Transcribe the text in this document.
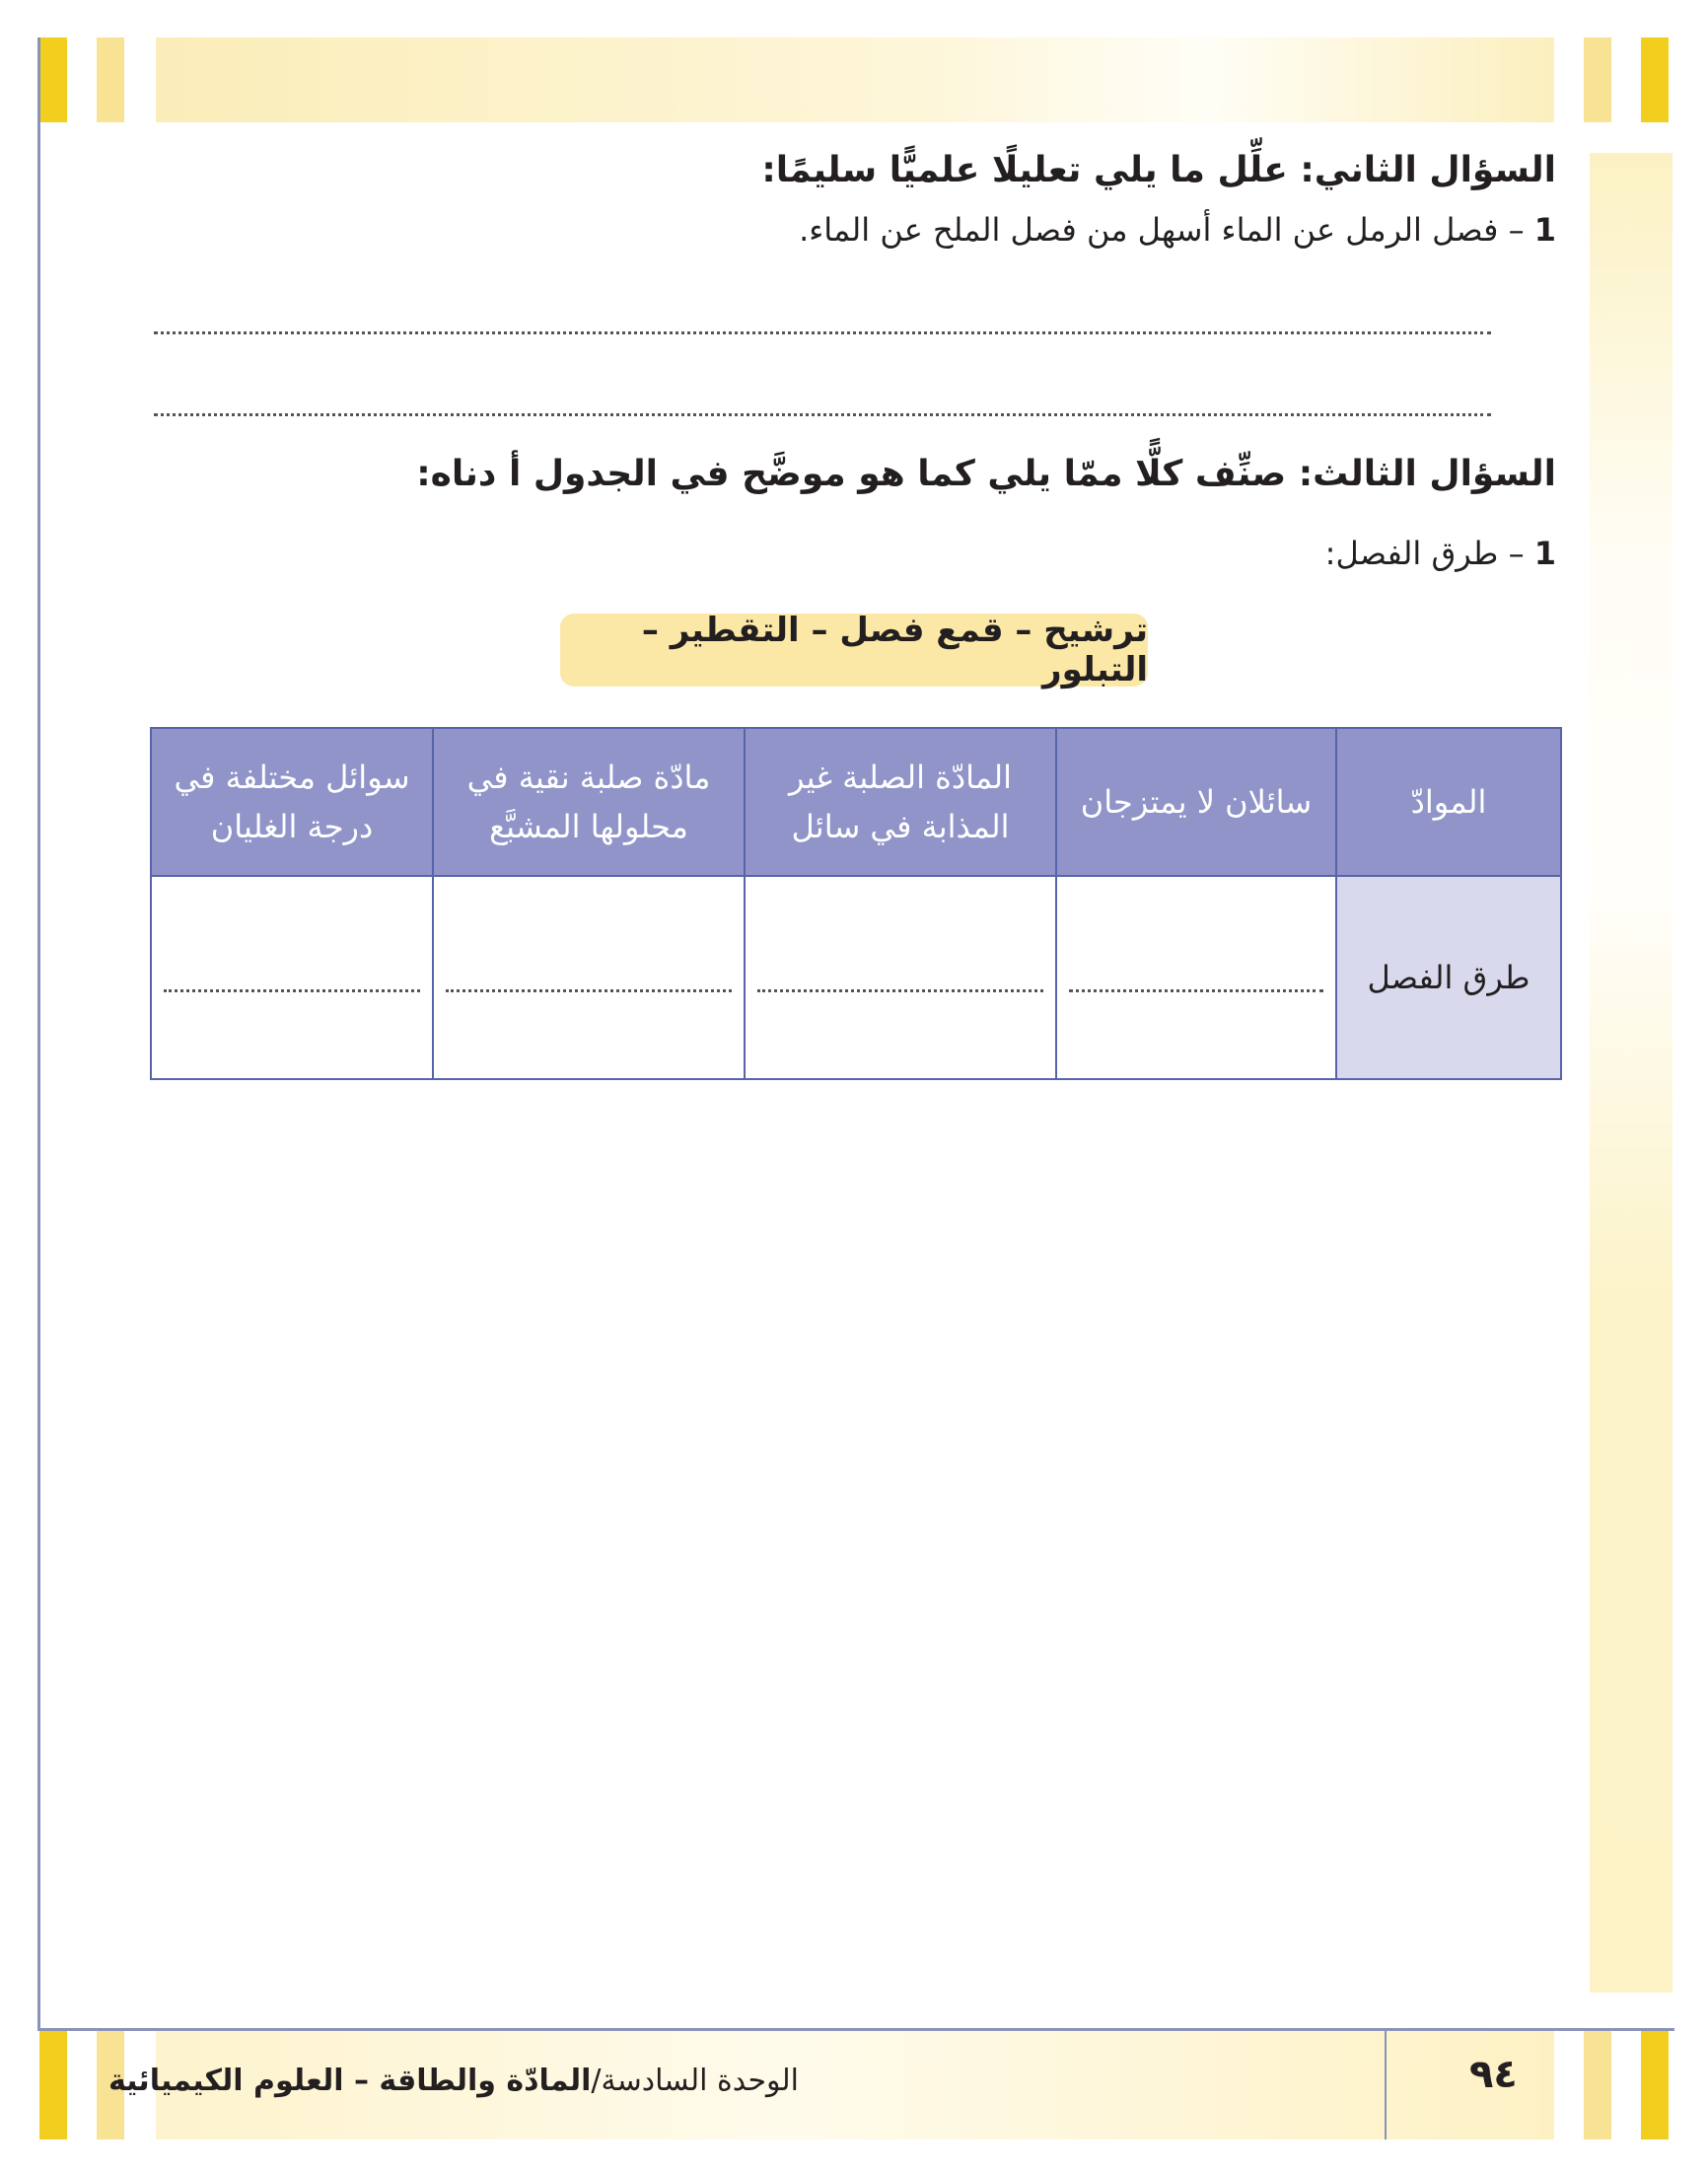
السؤال الثاني: علِّل ما يلي تعليلًا علميًّا سليمًا:
1 – فصل الرمل عن الماء أسهل من فصل الملح عن الماء.
السؤال الثالث: صنِّف كلًّا ممّا يلي كما هو موضَّح في الجدول أ دناه:
1 – طرق الفصل:
ترشيح – قمع فصل – التقطير – التبلور
الموادّ	سائلان لا يمتزجان	المادّة الصلبة غير المذابة في سائل	مادّة صلبة نقية في محلولها المشبَّع	سوائل مختلفة في درجة الغليان
طرق الفصل	

٩٤
الوحدة السادسة/المادّة والطاقة – العلوم الكيميائية
